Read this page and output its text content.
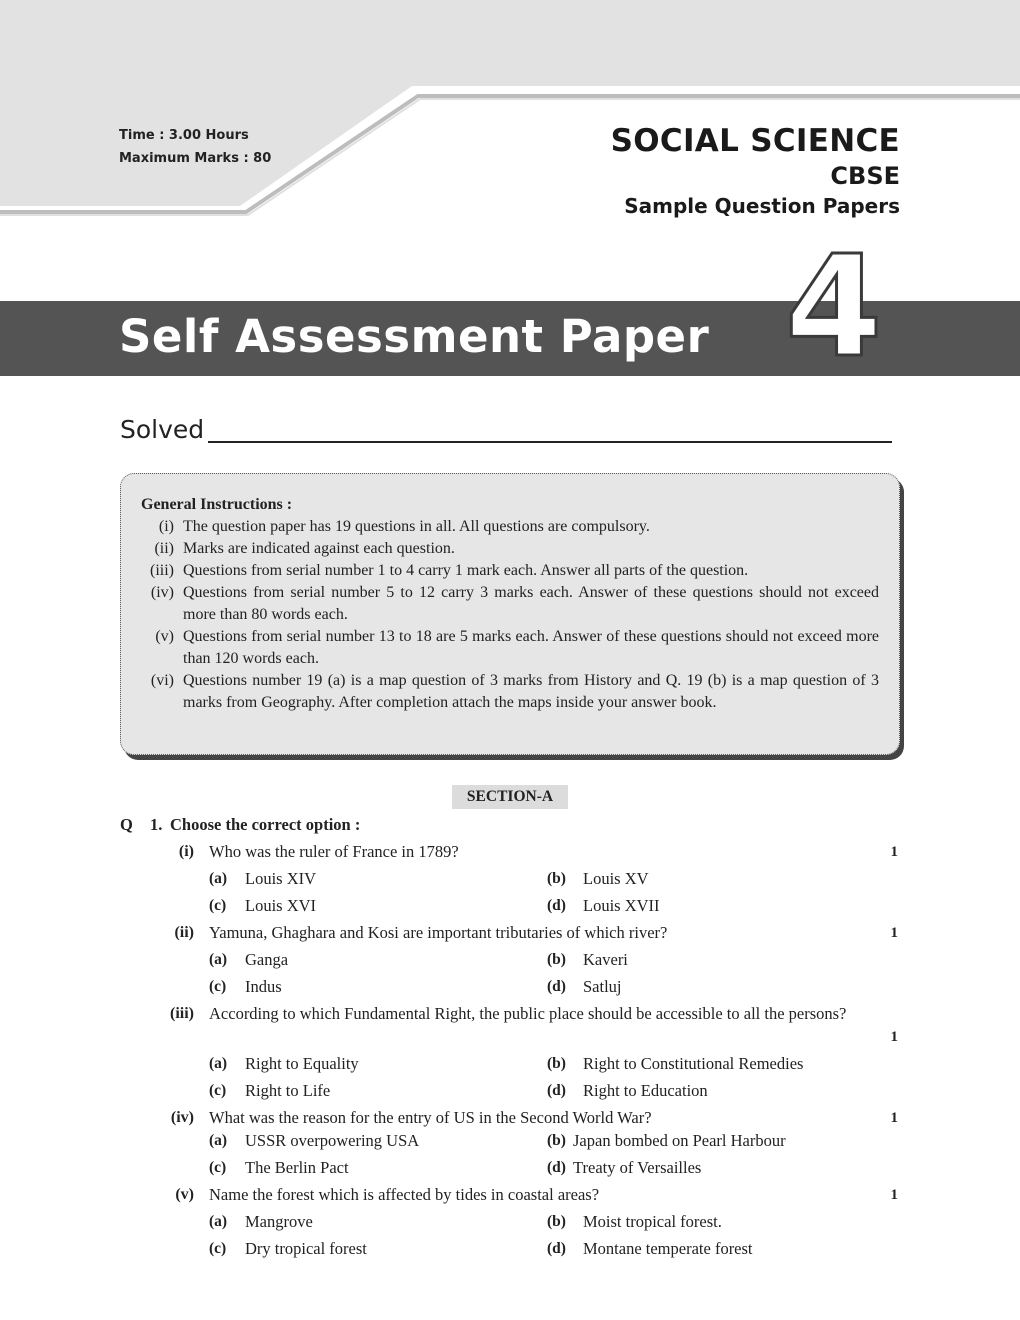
Time : 3.00 Hours
Maximum Marks : 80	SOCIAL SCIENCE
CBSE
Sample Question Papers
Self Assessment Paper 4
Solved
General Instructions :
(i) The question paper has 19 questions in all. All questions are compulsory.
(ii) Marks are indicated against each question.
(iii) Questions from serial number 1 to 4 carry 1 mark each. Answer all parts of the question.
(iv) Questions from serial number 5 to 12 carry 3 marks each. Answer of these questions should not exceed more than 80 words each.
(v) Questions from serial number 13 to 18 are 5 marks each. Answer of these questions should not exceed more than 120 words each.
(vi) Questions number 19 (a) is a map question of 3 marks from History and Q. 19 (b) is a map question of 3 marks from Geography. After completion attach the maps inside your answer book.
SECTION-A
Q 1. Choose the correct option :
(i) Who was the ruler of France in 1789?	1
(a) Louis XIV	(b) Louis XV
(c) Louis XVI	(d) Louis XVII
(ii) Yamuna, Ghaghara and Kosi are important tributaries of which river?	1
(a) Ganga	(b) Kaveri
(c) Indus	(d) Satluj
(iii) According to which Fundamental Right, the public place should be accessible to all the persons?
1
(a) Right to Equality	(b) Right to Constitutional Remedies
(c) Right to Life	(d) Right to Education
(iv) What was the reason for the entry of US in the Second World War?	1
(a) USSR overpowering USA	(b) Japan bombed on Pearl Harbour
(c) The Berlin Pact	(d) Treaty of Versailles
(v) Name the forest which is affected by tides in coastal areas?	1
(a) Mangrove	(b) Moist tropical forest.
(c) Dry tropical forest	(d) Montane temperate forest
